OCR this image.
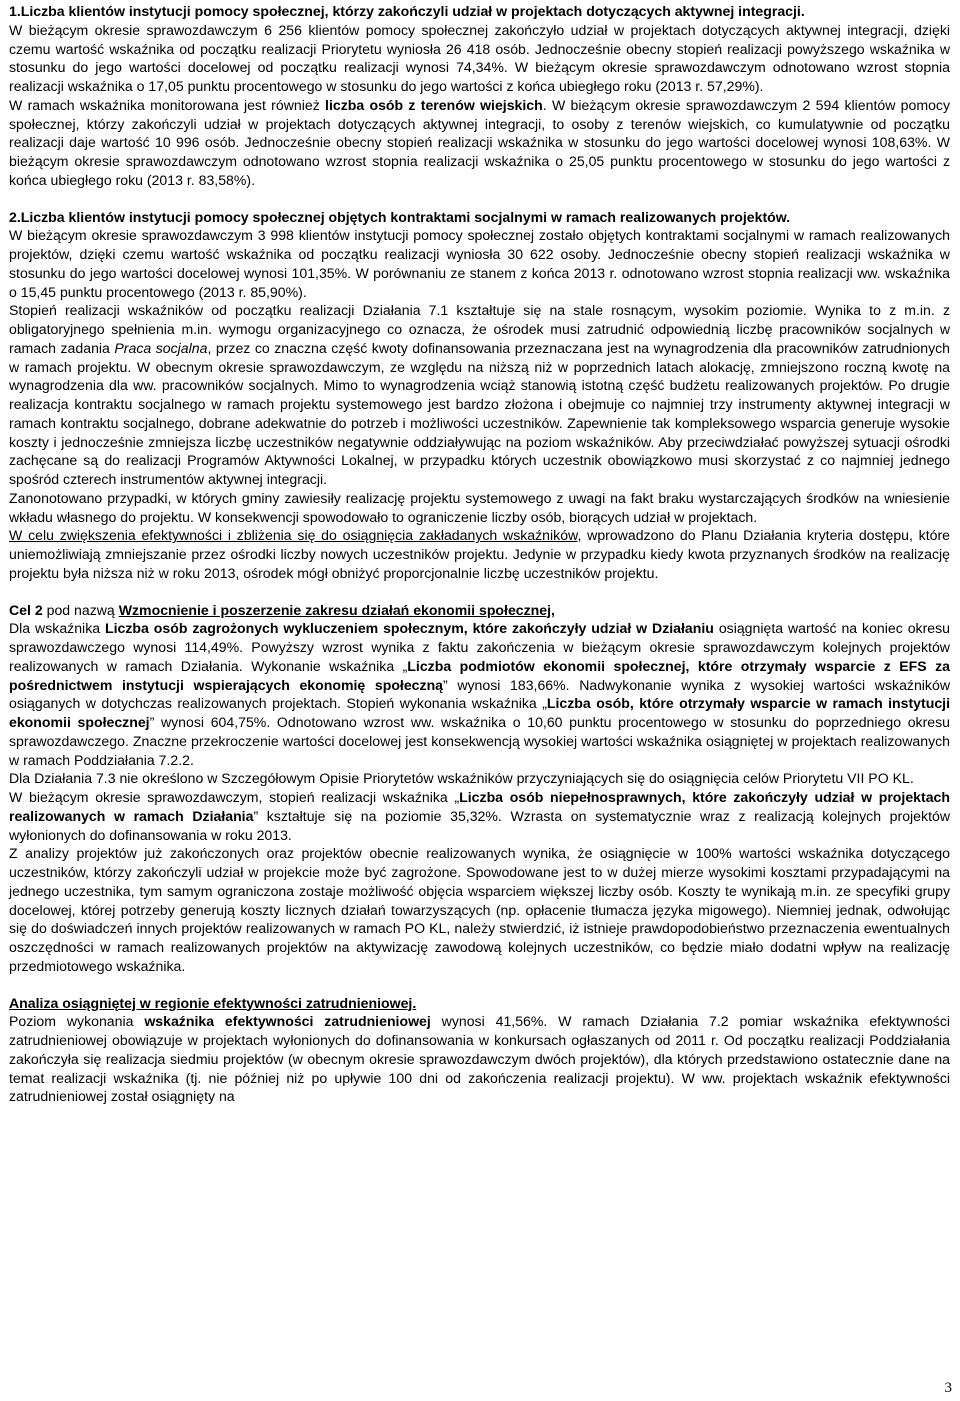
1.Liczba klientów instytucji pomocy społecznej, którzy zakończyli udział w projektach dotyczących aktywnej integracji.

W bieżącym okresie sprawozdawczym 6 256 klientów pomocy społecznej zakończyło udział w projektach dotyczących aktywnej integracji, dzięki czemu wartość wskaźnika od początku realizacji Priorytetu wyniosła 26 418 osób. Jednocześnie obecny stopień realizacji powyższego wskaźnika w stosunku do jego wartości docelowej od początku realizacji wynosi 74,34%. W bieżącym okresie sprawozdawczym odnotowano wzrost stopnia realizacji wskaźnika o 17,05 punktu procentowego w stosunku do jego wartości z końca ubiegłego roku (2013 r. 57,29%).

W ramach wskaźnika monitorowana jest również liczba osób z terenów wiejskich. W bieżącym okresie sprawozdawczym 2 594 klientów pomocy społecznej, którzy zakończyli udział w projektach dotyczących aktywnej integracji, to osoby z terenów wiejskich, co kumulatywnie od początku realizacji daje wartość 10 996 osób. Jednocześnie obecny stopień realizacji wskaźnika w stosunku do jego wartości docelowej wynosi 108,63%. W bieżącym okresie sprawozdawczym odnotowano wzrost stopnia realizacji wskaźnika o 25,05 punktu procentowego w stosunku do jego wartości z końca ubiegłego roku (2013 r. 83,58%).

2.Liczba klientów instytucji pomocy społecznej objętych kontraktami socjalnymi w ramach realizowanych projektów.

W bieżącym okresie sprawozdawczym 3 998 klientów instytucji pomocy społecznej zostało objętych kontraktami socjalnymi w ramach realizowanych projektów, dzięki czemu wartość wskaźnika od początku realizacji wyniosła 30 622 osoby. Jednocześnie obecny stopień realizacji wskaźnika w stosunku do jego wartości docelowej wynosi 101,35%. W porównaniu ze stanem z końca 2013 r. odnotowano wzrost stopnia realizacji ww. wskaźnika o 15,45 punktu procentowego (2013 r. 85,90%).

Stopień realizacji wskaźników od początku realizacji Działania 7.1 kształtuje się na stale rosnącym, wysokim poziomie. Wynika to z m.in. z obligatoryjnego spełnienia m.in. wymogu organizacyjnego co oznacza, że ośrodek musi zatrudnić odpowiednią liczbę pracowników socjalnych w ramach zadania Praca socjalna, przez co znaczna część kwoty dofinansowania przeznaczana jest na wynagrodzenia dla pracowników zatrudnionych w ramach projektu. W obecnym okresie sprawozdawczym, ze względu na niższą niż w poprzednich latach alokację, zmniejszono roczną kwotę na wynagrodzenia dla ww. pracowników socjalnych. Mimo to wynagrodzenia wciąż stanowią istotną część budżetu realizowanych projektów. Po drugie realizacja kontraktu socjalnego w ramach projektu systemowego jest bardzo złożona i obejmuje co najmniej trzy instrumenty aktywnej integracji w ramach kontraktu socjalnego, dobrane adekwatnie do potrzeb i możliwości uczestników. Zapewnienie tak kompleksowego wsparcia generuje wysokie koszty i jednocześnie zmniejsza liczbę uczestników negatywnie oddziaływując na poziom wskaźników. Aby przeciwdziałać powyższej sytuacji ośrodki zachęcane są do realizacji Programów Aktywności Lokalnej, w przypadku których uczestnik obowiązkowo musi skorzystać z co najmniej jednego spośród czterech instrumentów aktywnej integracji.

Zanonotowano przypadki, w których gminy zawiesiły realizację projektu systemowego z uwagi na fakt braku wystarczających środków na wniesienie wkładu własnego do projektu. W konsekwencji spowodowało to ograniczenie liczby osób, biorących udział w projektach.

W celu zwiększenia efektywności i zbliżenia się do osiągnięcia zakładanych wskaźników, wprowadzono do Planu Działania kryteria dostępu, które uniemożliwiają zmniejszanie przez ośrodki liczby nowych uczestników projektu. Jedynie w przypadku kiedy kwota przyznanych środków na realizację projektu była niższa niż w roku 2013, ośrodek mógł obniżyć proporcjonalnie liczbę uczestników projektu.

Cel 2 pod nazwą Wzmocnienie i poszerzenie zakresu działań ekonomii społecznej,

Dla wskaźnika Liczba osób zagrożonych wykluczeniem społecznym, które zakończyły udział w Działaniu osiągnięta wartość na koniec okresu sprawozdawczego wynosi 114,49%. Powyższy wzrost wynika z faktu zakończenia w bieżącym okresie sprawozdawczym kolejnych projektów realizowanych w ramach Działania. Wykonanie wskaźnika „Liczba podmiotów ekonomii społecznej, które otrzymały wsparcie z EFS za pośrednictwem instytucji wspierających ekonomię społeczną” wynosi 183,66%. Nadwykonanie wynika z wysokiej wartości wskaźników osiąganych w dotychczas realizowanych projektach. Stopień wykonania wskaźnika „Liczba osób, które otrzymały wsparcie w ramach instytucji ekonomii społecznej” wynosi 604,75%. Odnotowano wzrost ww. wskaźnika o 10,60 punktu procentowego w stosunku do poprzedniego okresu sprawozdawczego. Znaczne przekroczenie wartości docelowej jest konsekwencją wysokiej wartości wskaźnika osiągniętej w projektach realizowanych w ramach Poddziałania 7.2.2.

Dla Działania 7.3 nie określono w Szczegółowym Opisie Priorytetów wskaźników przyczyniających się do osiągnięcia celów Priorytetu VII PO KL.

W bieżącym okresie sprawozdawczym, stopień realizacji wskaźnika „Liczba osób niepełnosprawnych, które zakończyły udział w projektach realizowanych w ramach Działania” kształtuje się na poziomie 35,32%. Wzrasta on systematycznie wraz z realizacją kolejnych projektów wyłonionych do dofinansowania w roku 2013.

Z analizy projektów już zakończonych oraz projektów obecnie realizowanych wynika, że osiągnięcie w 100% wartości wskaźnika dotyczącego uczestników, którzy zakończyli udział w projekcie może być zagrożone. Spowodowane jest to w dużej mierze wysokimi kosztami przypadającymi na jednego uczestnika, tym samym ograniczona zostaje możliwość objęcia wsparciem większej liczby osób. Koszty te wynikają m.in. ze specyfiki grupy docelowej, której potrzeby generują koszty licznych działań towarzyszących (np. opłacenie tłumacza języka migowego). Niemniej jednak, odwołując się do doświadczeń innych projektów realizowanych w ramach PO KL, należy stwierdzić, iż istnieje prawdopodobieństwo przeznaczenia ewentualnych oszczędności w ramach realizowanych projektów na aktywizację zawodową kolejnych uczestników, co będzie miało dodatni wpływ na realizację przedmiotowego wskaźnika.

Analiza osiągniętej w regionie efektywności zatrudnieniowej.

Poziom wykonania wskaźnika efektywności zatrudnieniowej wynosi 41,56%. W ramach Działania 7.2 pomiar wskaźnika efektywności zatrudnieniowej obowiązuje w projektach wyłonionych do dofinansowania w konkursach ogłaszanych od 2011 r. Od początku realizacji Poddziałania zakończyła się realizacja siedmiu projektów (w obecnym okresie sprawozdawczym dwóch projektów), dla których przedstawiono ostatecznie dane na temat realizacji wskaźnika (tj. nie później niż po upływie 100 dni od zakończenia realizacji projektu). W ww. projektach wskaźnik efektywności zatrudnieniowej został osiągnięty na

3
